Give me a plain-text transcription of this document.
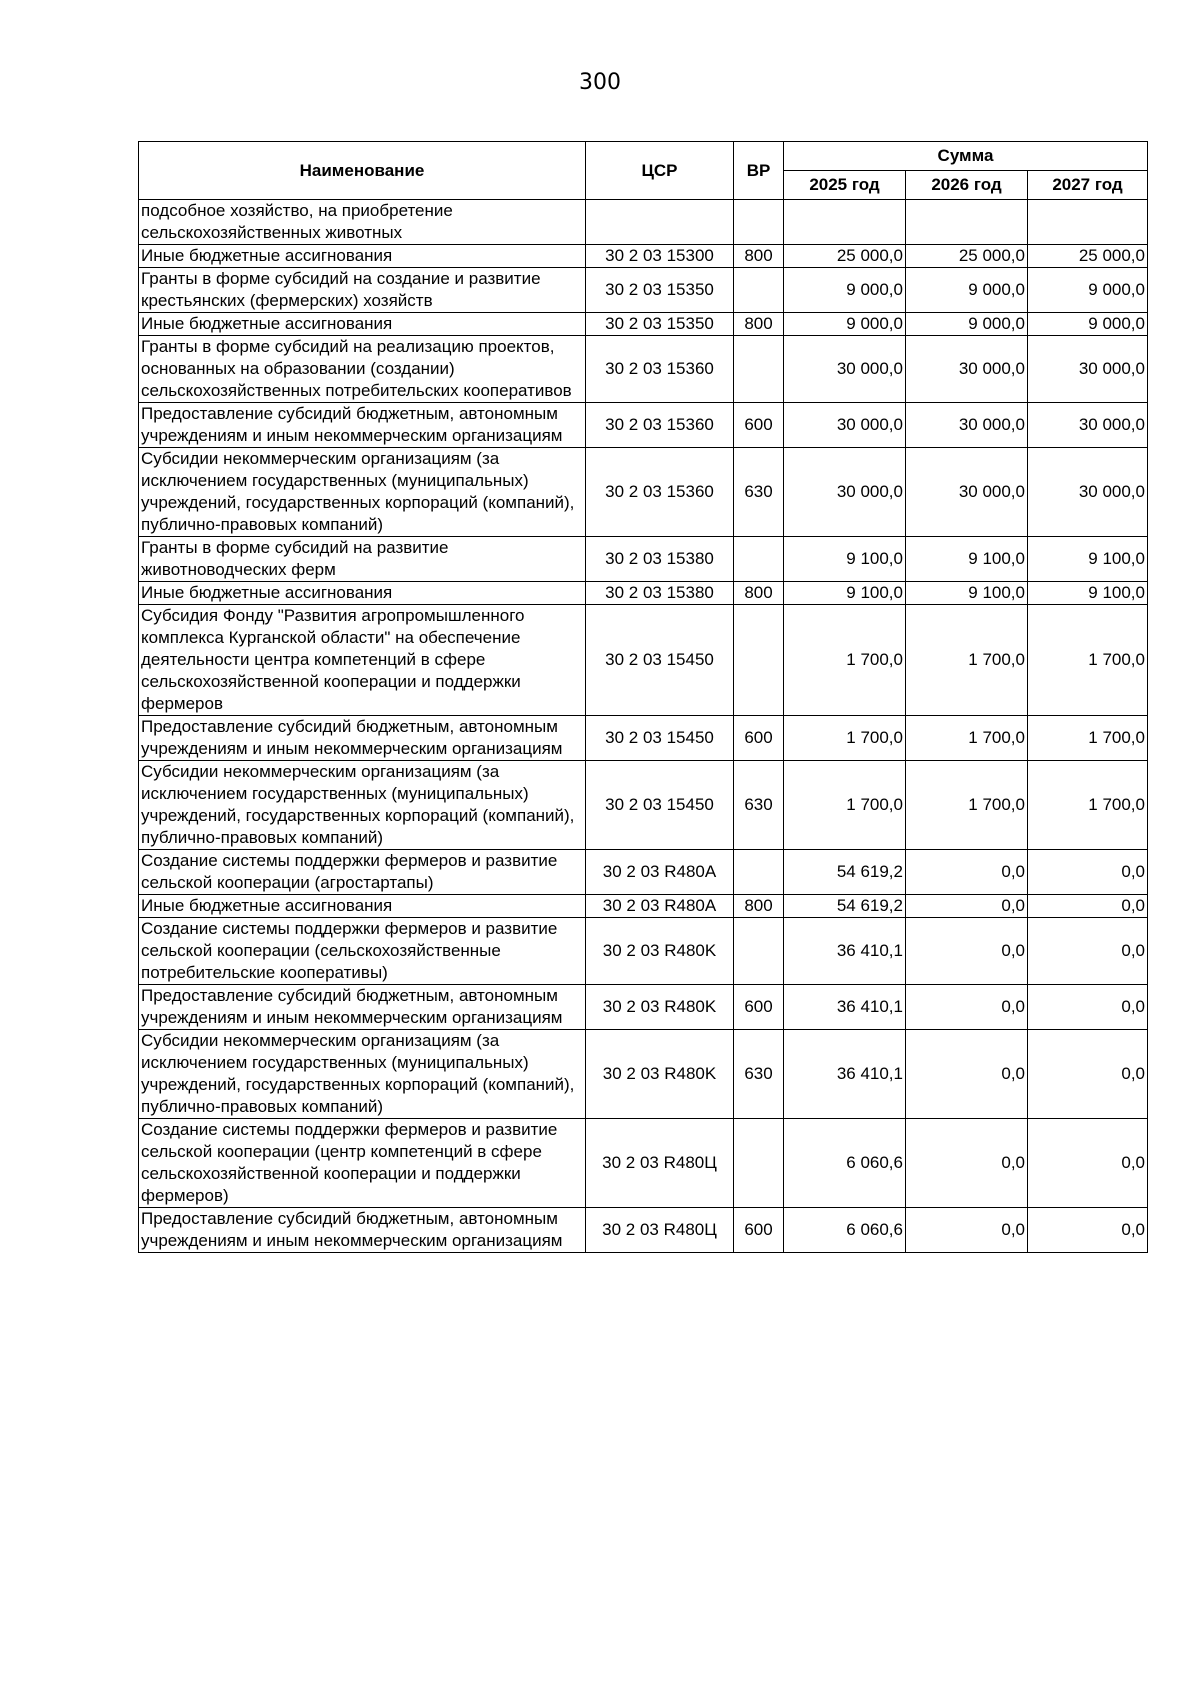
300
Наименование	ЦСР	ВР	Сумма		
			2025 год	2026 год	2027 год
подсобное хозяйство, на приобретение сельскохозяйственных животных					
Иные бюджетные ассигнования	30 2 03 15300	800	25 000,0	25 000,0	25 000,0
Гранты в форме субсидий на создание и развитие крестьянских (фермерских) хозяйств	30 2 03 15350		9 000,0	9 000,0	9 000,0
Иные бюджетные ассигнования	30 2 03 15350	800	9 000,0	9 000,0	9 000,0
Гранты в форме субсидий на реализацию проектов, основанных на образовании (создании) сельскохозяйственных потребительских кооперативов	30 2 03 15360		30 000,0	30 000,0	30 000,0
Предоставление субсидий бюджетным, автономным учреждениям и иным некоммерческим организациям	30 2 03 15360	600	30 000,0	30 000,0	30 000,0
Субсидии некоммерческим организациям (за исключением государственных (муниципальных) учреждений, государственных корпораций (компаний), публично-правовых компаний)	30 2 03 15360	630	30 000,0	30 000,0	30 000,0
Гранты в форме субсидий на развитие животноводческих ферм	30 2 03 15380		9 100,0	9 100,0	9 100,0
Иные бюджетные ассигнования	30 2 03 15380	800	9 100,0	9 100,0	9 100,0
Субсидия Фонду "Развития агропромышленного комплекса Курганской области" на обеспечение деятельности центра компетенций в сфере сельскохозяйственной кооперации и поддержки фермеров	30 2 03 15450		1 700,0	1 700,0	1 700,0
Предоставление субсидий бюджетным, автономным учреждениям и иным некоммерческим организациям	30 2 03 15450	600	1 700,0	1 700,0	1 700,0
Субсидии некоммерческим организациям (за исключением государственных (муниципальных) учреждений, государственных корпораций (компаний), публично-правовых компаний)	30 2 03 15450	630	1 700,0	1 700,0	1 700,0
Создание системы поддержки фермеров и развитие сельской кооперации (агростартапы)	30 2 03 R480A		54 619,2	0,0	0,0
Иные бюджетные ассигнования	30 2 03 R480A	800	54 619,2	0,0	0,0
Создание системы поддержки фермеров и развитие сельской кооперации (сельскохозяйственные потребительские кооперативы)	30 2 03 R480K		36 410,1	0,0	0,0
Предоставление субсидий бюджетным, автономным учреждениям и иным некоммерческим организациям	30 2 03 R480K	600	36 410,1	0,0	0,0
Субсидии некоммерческим организациям (за исключением государственных (муниципальных) учреждений, государственных корпораций (компаний), публично-правовых компаний)	30 2 03 R480K	630	36 410,1	0,0	0,0
Создание системы поддержки фермеров и развитие сельской кооперации (центр компетенций в сфере сельскохозяйственной кооперации и поддержки фермеров)	30 2 03 R480Ц		6 060,6	0,0	0,0
Предоставление субсидий бюджетным, автономным учреждениям и иным некоммерческим организациям	30 2 03 R480Ц	600	6 060,6	0,0	0,0
